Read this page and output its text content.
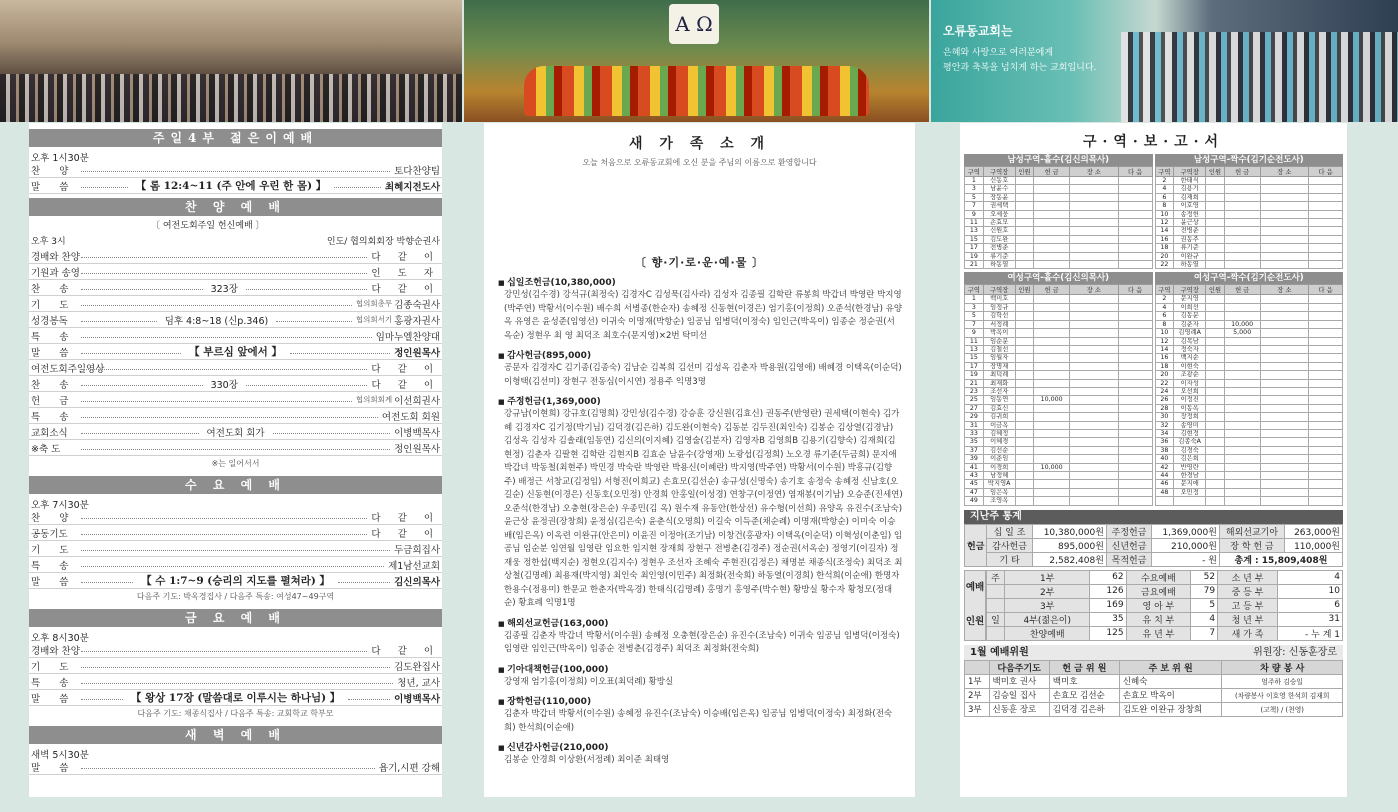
A Ω	오류동교회는
은혜와 사랑으로 여러분에게
평안과 축복을 넘치게 하는 교회입니다.
주일4부 젊은이예배
오후 1시30분
찬 양	토다찬양팀
말 씀	【 롬 12:4~11 (주 안에 우린 한 몸) 】	최혜지전도사
찬 양 예 배
〔 여전도회주일 헌신예배 〕
오후 3시	인도/ 협의회회장 박향순권사
경배와 찬양	다 같 이
기원과 송영	인 도 자
찬 송	323장	다 같 이
기 도	협의회총무 김종숙권사
성경봉독	딤후 4:8~18 (신p.346)	협의회서기 홍광자권사
특 송	임마누엘찬양대
말 씀	【 부르심 앞에서 】	정인원목사
여전도회주일영상	다 같 이
찬 송	330장	다 같 이
헌 금	협의회회계 이선희권사
특 송	여전도회 회원
교회소식	여전도회 회가	이병백목사
※축 도	정인원목사
※는 일어서서
수 요 예 배
오후 7시30분
찬 양	다 같 이
공동기도	다 같 이
기 도	두금희집사
특 송	제1남선교회
말 씀	【 수 1:7~9 (승리의 지도를 펼쳐라) 】	김신의목사
다음주 기도: 박옥경집사 / 다음주 특송: 여성47~49구역
금 요 예 배
오후 8시30분
경배와 찬양	다 같 이
기 도	김도완집사
특 송	청년, 교사
말 씀	【 왕상 17장 (말씀대로 이루시는 하나님) 】	이병백목사
다음주 기도: 채종식집사 / 다음주 특송: 교회학교 학부모
새 벽 예 배
새벽 5시30분
말 씀	욥기,시편 강해
새 가 족 소 개
오늘 처음으로 오류동교회에 오신 분을 주님의 이름으로 환영합니다
〔 향·기·로·운·예·물 〕
■ 십일조헌금(10,380,000)
강민성(김수경) 강석규(최정숙) 김경자C 김성묵(김사라) 김성자 김종필 김학란 류봉희 박갑녀 박영란 박지영(박주연) 박황서(이수원) 배수희 서병종(한순자) 송혜정 신동현(이경은) 엄기홍(이정희) 오준석(한경남) 유양옥 유영은 윤성준(임영선) 이귀숙 이명재(박항순) 임공님 임병덕(이정숙) 임인근(박옥이) 임종순 정순권(서옥순) 정현우 최 영 최덕조 최호수(문지영)×2번 탁미선
■ 감사헌금(895,000)
공문자 김경자C 김기종(김종숙) 김남순 김복희 김선미 김성옥 김춘자 박용원(김영애) 배혜경 이택옥(이순덕) 이형택(김선미) 장현구 전동심(이시연) 정용주 익명3명
■ 주정헌금(1,369,000)
강규남(이현희) 강규호(김명희) 강민성(김수경) 강승훈 강신원(김효신) 권동주(반영란) 권세택(이현숙) 김가혜 김경자C 김기정(박기님) 김덕경(김은하) 김도완(이현숙) 김동분 김두진(최인숙) 김봉순 김상열(김경남) 김성옥 김성자 김솔래(임동연) 김신의(이지혜) 김영술(김분자) 김영자B 김영희B 김용기(김향숙) 김재희(김현정) 김춘자 김팔현 김학란 김현지B 김효순 남윤수(강영재) 노광섭(김정희) 노오경 류기준(두금희) 문지애 박갑녀 박동철(최현주) 박민경 박숙란 박영란 박용신(이혜란) 박지영(박주연) 박황서(이수원) 박흥규(김향주) 배정근 서창교(김정임) 서형진(이희교) 손효모(김선순) 송규성(신명숙) 송기호 송정숙 송혜정 신남호(오길순) 신동현(이경은) 신동호(오민정) 안경희 안홍일(이성경) 연창구(이정연) 염재봉(이기남) 오승준(진세연) 오준석(한경남) 오충현(장은순) 우종민(김 옥) 원수재 유동안(한상선) 유수형(이선희) 유양옥 유진수(조남숙) 윤근상 윤정권(장창희) 윤정심(김은숙) 윤춘식(오명희) 이길숙 이득준(채순례) 이명재(박항순) 이미숙 이승배(임은옥) 이옥련 이완규(안은미) 이윤진 이정아(조기남) 이창건(홍광자) 이택옥(이순덕) 이혁성(이춘임) 임공님 임순분 임연월 임영란 임요한 임지현 장재희 장현구 전병춘(김경주) 정순권(서옥순) 정영기(이길자) 정재웅 정한섭(백지순) 정현오(김지수) 정현우 조선자 조혜숙 주현진(김정은) 채명분 채종식(조정숙) 최덕조 최상철(김명례) 최용재(박지영) 최인숙 최인영(이민주) 최정화(전숙희) 하동열(이경희) 한석희(이순애) 한명자 한용수(정용미) 한문교 한춘자(박옥경) 한태식(김명례) 홍명기 홍영주(박수현) 황방실 황수자 황청모(정대순) 황효례 익명1명
■ 해외선교헌금(163,000)
김종필 김춘자 박갑녀 박황서(이수원) 송혜정 오충현(장은순) 유진수(조남숙) 이귀숙 임공님 임병덕(이정숙) 임영란 임인근(박옥이) 임종순 전병춘(김경주) 최덕조 최정화(전숙희)
■ 기아대책헌금(100,000)
강영재 엄기홍(이정희) 이오표(최덕례) 황방실
■ 장학헌금(110,000)
김춘자 박갑녀 박황서(이수원) 송혜정 유진수(조남숙) 이승배(임은옥) 임공님 임병덕(이정숙) 최정화(전숙희) 한석희(이순애)
■ 신년감사헌금(210,000)
김봉순 안경희 이상환(서정례) 최이준 최태영
구·역·보·고·서
남성구역-홀수(김신의목사)
구역	구역장	인원	헌 금	장 소	다 음
1	신동호				
3	남윤수				
5	장동윤				
7	권세택				
9	오세웅				
11	손효모				
13	신원호				
15	김도완				
17	전병춘				
19	류기준				
21	하동열				
남성구역-짝수(김기순전도사)
구역	구역장	인원	헌 금	장 소	다 음
2	한태식				
4	김용기				
6	김재희				
8	이호영				
10	송정헌				
12	윤근상				
14	전병춘				
16	권동주				
18	류기준				
20	이완규				
22	하동열				
여성구역-홀수(김신의목사)
구역	구역장	인원	헌 금	장 소	다 음
1	백미호				
3	임정규				
5	김학선				
7	서정례				
9	박옥이				
11	임순분				
13	김철선				
15	임월자				
17	장명재				
19	최덕례				
21	최재화				
23	조선자				
25	임동연		10,000		
27	김효신				
29	김귀희				
31	이금옥				
33	김혜정				
35	이혜경				
37	김선순				
39	이춘임				
41	이경희		10,000		
43	남정혜				
45	박지영A				
47	임은옥				
49	조영옥				
여성구역-짝수(김기순전도사)
구역	구역장	인원	헌 금	장 소	다 음
2	문지영				
4	이희선				
6	김동분				
8	김춘자		10,000		
10	김영례A		5,000		
12	김복남				
14	정숙자				
16	백지순				
18	이현숙				
20	조광순				
22	이자성				
24	오선희				
26	이정진				
28	이동옥				
30	장정희				
32	송영미				
34	김현정				
36	김종숙A				
38	김경숙				
40	김은희				
42	반영란				
44	한경남				
46	문지애				
48	오민정				

지난주 통계
헌금	십 일 조	10,380,000원	주정헌금	1,369,000원	해외선교기아	263,000원
	감사헌금	895,000원	신년헌금	210,000원	장 학 헌 금	110,000원
	기 타	2,582,408원	목적헌금	- 원	총계 : 15,809,408원	
예배
인원
주	1부	62	수요예배	52	소 년 부	4
	2부	126	금요예배	79	중 등 부	10
	3부	169	영 아 부	5	고 등 부	6
일	4부(젊은이)	35	유 치 부	4	청 년 부	31
	찬양예배	125	유 년 부	7	새 가 족	- 누 계 1
1월 예배위원	위원장: 신동훈장로
	다음주기도	헌 금 위 원	주 보 위 원	차 량 봉 사
1부	백미호 권사	백미호	신혜숙	엄주하 김승일
2부	김승일 집사	손효모 김선순	손효모 박옥이	(차량봉사 이호영 한석희 김재희
3부	신동훈 장로	김덕경 김은하	김도완 이완규 장창희	(고책) / (천영)
